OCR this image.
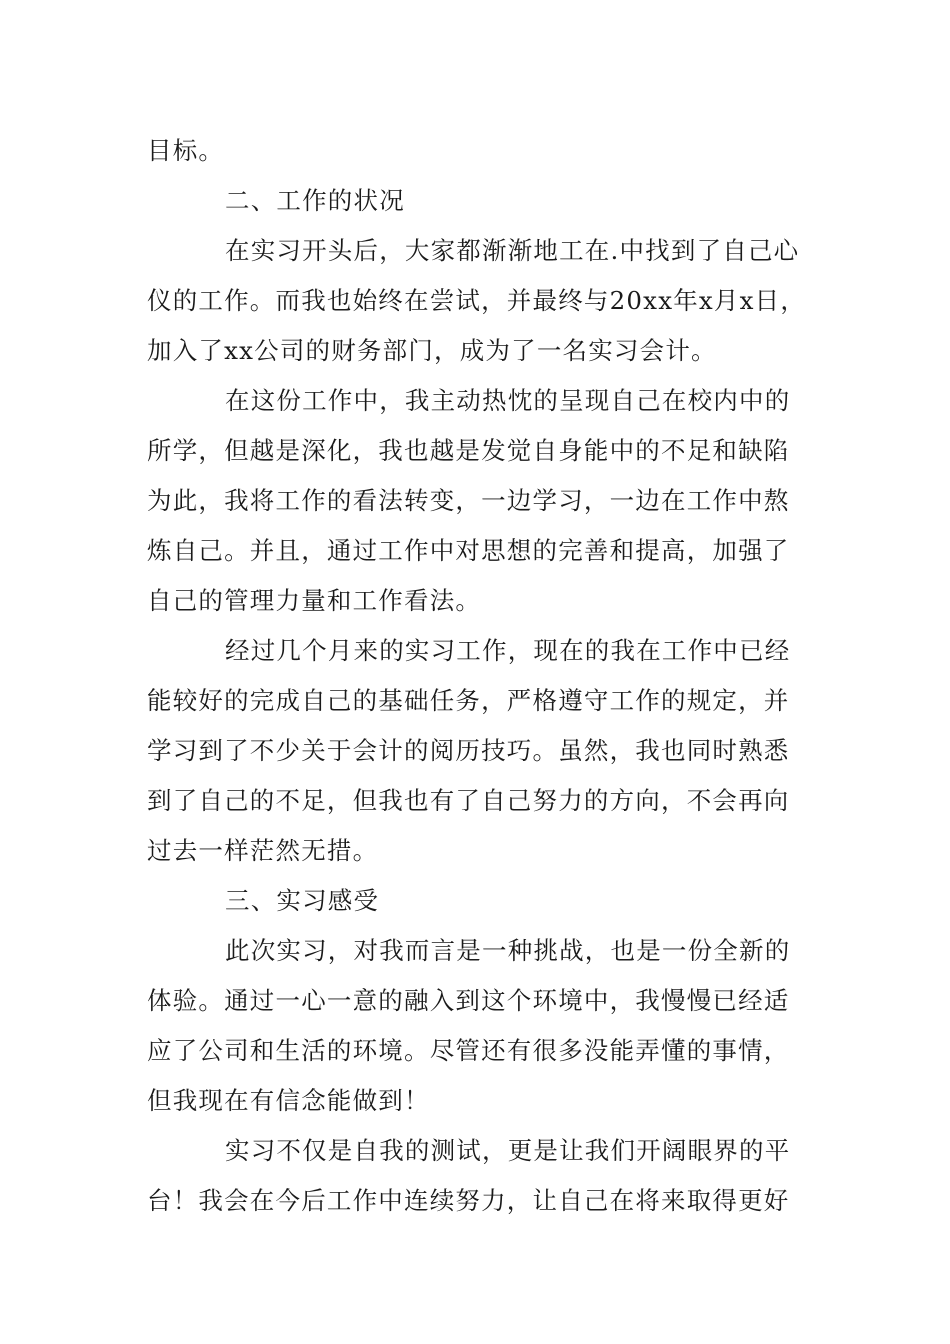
目标。
二、工作的状况
在实习开头后，大家都渐渐地工在.中找到了自己心
仪的工作。而我也始终在尝试，并最终与20xx年x月x日，
加入了xx公司的财务部门，成为了一名实习会计。
在这份工作中，我主动热忱的呈现自己在校内中的
所学，但越是深化，我也越是发觉自身能中的不足和缺陷
为此，我将工作的看法转变，一边学习，一边在工作中熬
炼自己。并且，通过工作中对思想的完善和提高，加强了
自己的管理力量和工作看法。
经过几个月来的实习工作，现在的我在工作中已经
能较好的完成自己的基础任务，严格遵守工作的规定，并
学习到了不少关于会计的阅历技巧。虽然，我也同时熟悉
到了自己的不足，但我也有了自己努力的方向，不会再向
过去一样茫然无措。
三、实习感受
此次实习，对我而言是一种挑战，也是一份全新的
体验。通过一心一意的融入到这个环境中，我慢慢已经适
应了公司和生活的环境。尽管还有很多没能弄懂的事情，
但我现在有信念能做到！
实习不仅是自我的测试，更是让我们开阔眼界的平
台！我会在今后工作中连续努力，让自己在将来取得更好
